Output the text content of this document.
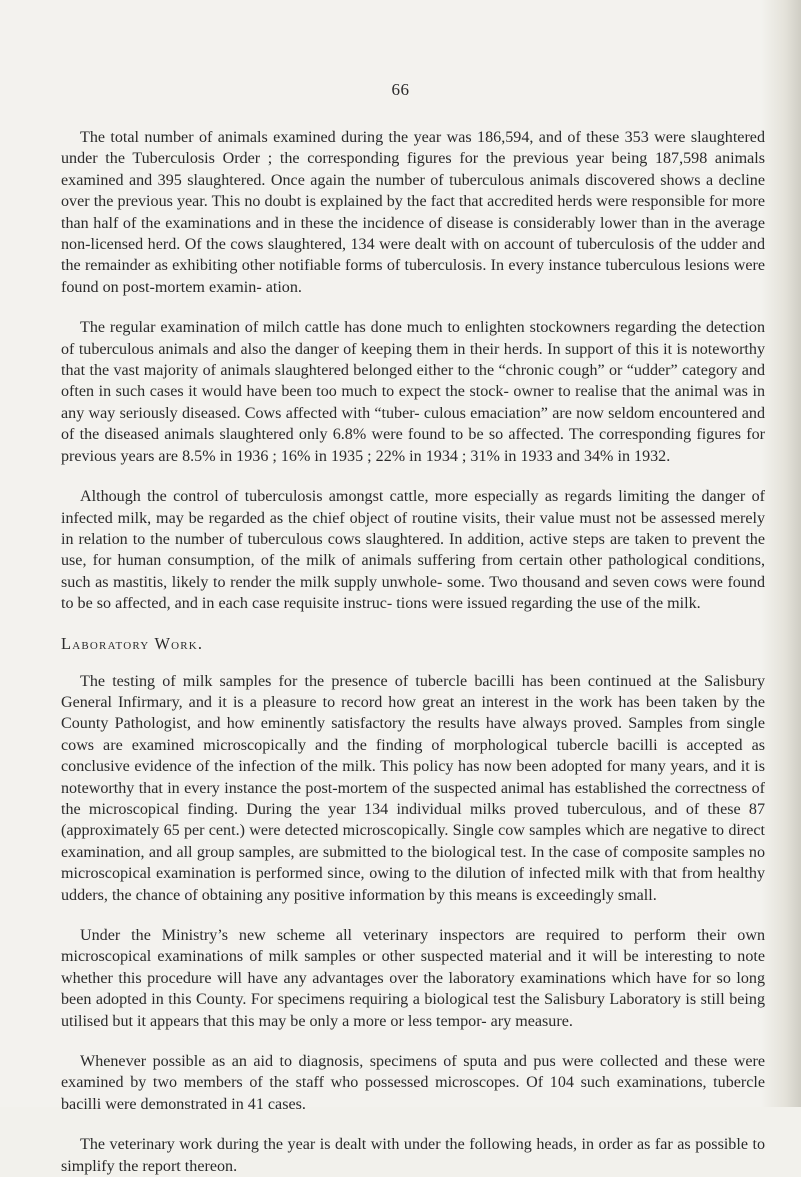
66

The total number of animals examined during the year was 186,594, and of these 353 were slaughtered under the Tuberculosis Order ; the corresponding figures for the previous year being 187,598 animals examined and 395 slaughtered. Once again the number of tuberculous animals discovered shows a decline over the previous year. This no doubt is explained by the fact that accredited herds were responsible for more than half of the examinations and in these the incidence of disease is considerably lower than in the average non-licensed herd. Of the cows slaughtered, 134 were dealt with on account of tuberculosis of the udder and the remainder as exhibiting other notifiable forms of tuberculosis. In every instance tuberculous lesions were found on post-mortem examin- ation.

The regular examination of milch cattle has done much to enlighten stockowners regarding the detection of tuberculous animals and also the danger of keeping them in their herds. In support of this it is noteworthy that the vast majority of animals slaughtered belonged either to the “chronic cough” or “udder” category and often in such cases it would have been too much to expect the stock- owner to realise that the animal was in any way seriously diseased. Cows affected with “tuber- culous emaciation” are now seldom encountered and of the diseased animals slaughtered only 6.8% were found to be so affected. The corresponding figures for previous years are 8.5% in 1936 ; 16% in 1935 ; 22% in 1934 ; 31% in 1933 and 34% in 1932.

Although the control of tuberculosis amongst cattle, more especially as regards limiting the danger of infected milk, may be regarded as the chief object of routine visits, their value must not be assessed merely in relation to the number of tuberculous cows slaughtered. In addition, active steps are taken to prevent the use, for human consumption, of the milk of animals suffering from certain other pathological conditions, such as mastitis, likely to render the milk supply unwhole- some. Two thousand and seven cows were found to be so affected, and in each case requisite instruc- tions were issued regarding the use of the milk.

Laboratory Work.

The testing of milk samples for the presence of tubercle bacilli has been continued at the Salisbury General Infirmary, and it is a pleasure to record how great an interest in the work has been taken by the County Pathologist, and how eminently satisfactory the results have always proved. Samples from single cows are examined microscopically and the finding of morphological tubercle bacilli is accepted as conclusive evidence of the infection of the milk. This policy has now been adopted for many years, and it is noteworthy that in every instance the post-mortem of the suspected animal has established the correctness of the microscopical finding. During the year 134 individual milks proved tuberculous, and of these 87 (approximately 65 per cent.) were detected microscopically. Single cow samples which are negative to direct examination, and all group samples, are submitted to the biological test. In the case of composite samples no microscopical examination is performed since, owing to the dilution of infected milk with that from healthy udders, the chance of obtaining any positive information by this means is exceedingly small.

Under the Ministry’s new scheme all veterinary inspectors are required to perform their own microscopical examinations of milk samples or other suspected material and it will be interesting to note whether this procedure will have any advantages over the laboratory examinations which have for so long been adopted in this County. For specimens requiring a biological test the Salisbury Laboratory is still being utilised but it appears that this may be only a more or less tempor- ary measure.

Whenever possible as an aid to diagnosis, specimens of sputa and pus were collected and these were examined by two members of the staff who possessed microscopes. Of 104 such examinations, tubercle bacilli were demonstrated in 41 cases.

The veterinary work during the year is dealt with under the following heads, in order as far as possible to simplify the report thereon.
